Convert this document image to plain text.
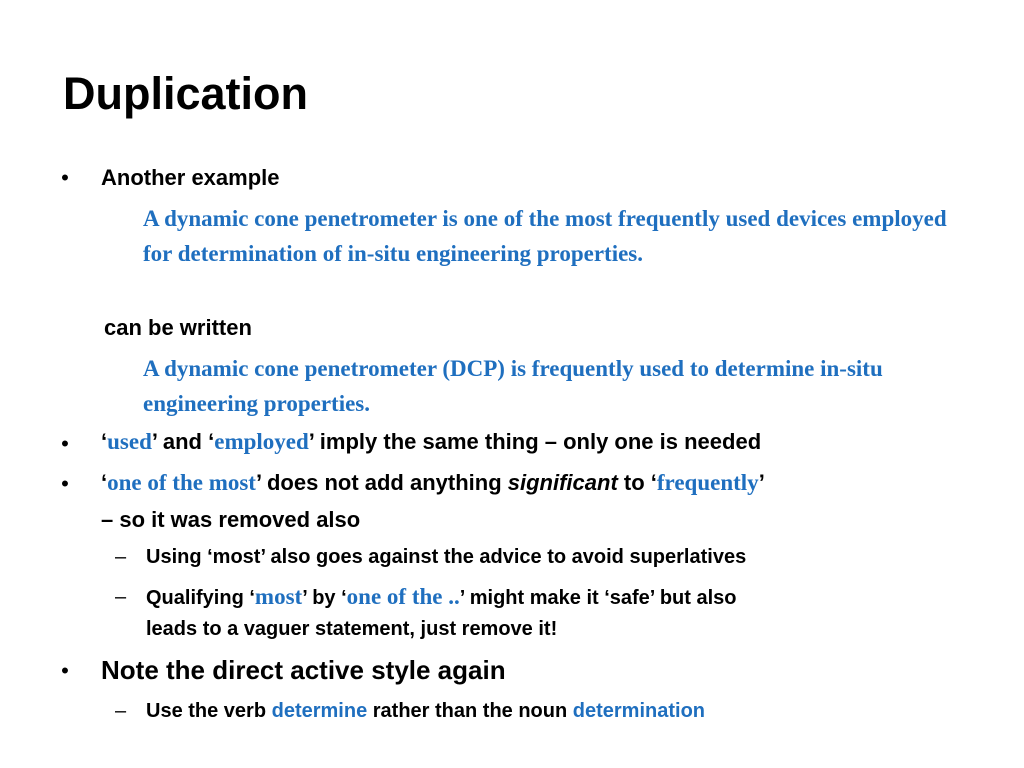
Duplication
• Another example

A dynamic cone penetrometer is one of the most frequently used devices employed for determination of in-situ engineering properties.

can be written

A dynamic cone penetrometer (DCP) is frequently used to determine in-situ engineering properties.

• ‘used’ and ‘employed’ imply the same thing – only one is needed
• ‘one of the most’ does not add anything significant to ‘frequently’
– so it was removed also
– Using ‘most’ also goes against the advice to avoid superlatives
– Qualifying ‘most’ by ‘one of the ..’ might make it ‘safe’ but also
leads to a vaguer statement, just remove it!
• Note the direct active style again
– Use the verb determine rather than the noun determination
